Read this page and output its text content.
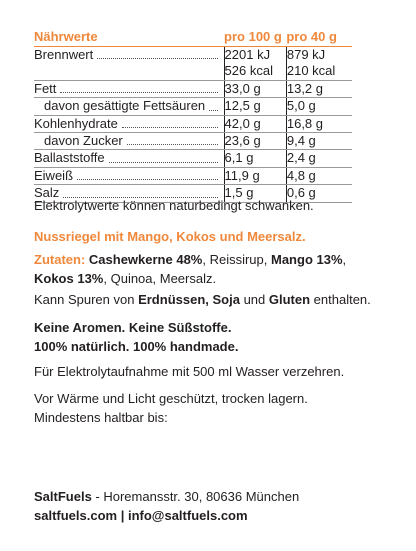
Nährwerte	pro 100 g	pro 40 g

Brennwert	2201 kJ	879 kJ

	526 kcal	210 kcal

Fett	33,0 g	13,2 g

davon gesättigte Fettsäuren	12,5 g	5,0 g

Kohlenhydrate	42,0 g	16,8 g

davon Zucker	23,6 g	9,4 g

Ballaststoffe	6,1 g	2,4 g

Eiweiß	11,9 g	4,8 g

Salz	1,5 g	0,6 g

Elektrolytwerte können naturbedingt schwanken.

Nussriegel mit Mango, Kokos und Meersalz.

Zutaten: Cashewkerne 48%, Reissirup, Mango 13%,
Kokos 13%, Quinoa, Meersalz.

Kann Spuren von Erdnüssen, Soja und Gluten enthalten.

Keine Aromen. Keine Süßstoffe.
100% natürlich. 100% handmade.

Für Elektrolytaufnahme mit 500 ml Wasser verzehren.

Vor Wärme und Licht geschützt, trocken lagern.
Mindestens haltbar bis:

SaltFuels - Horemansstr. 30, 80636 München
saltfuels.com | info@saltfuels.com
